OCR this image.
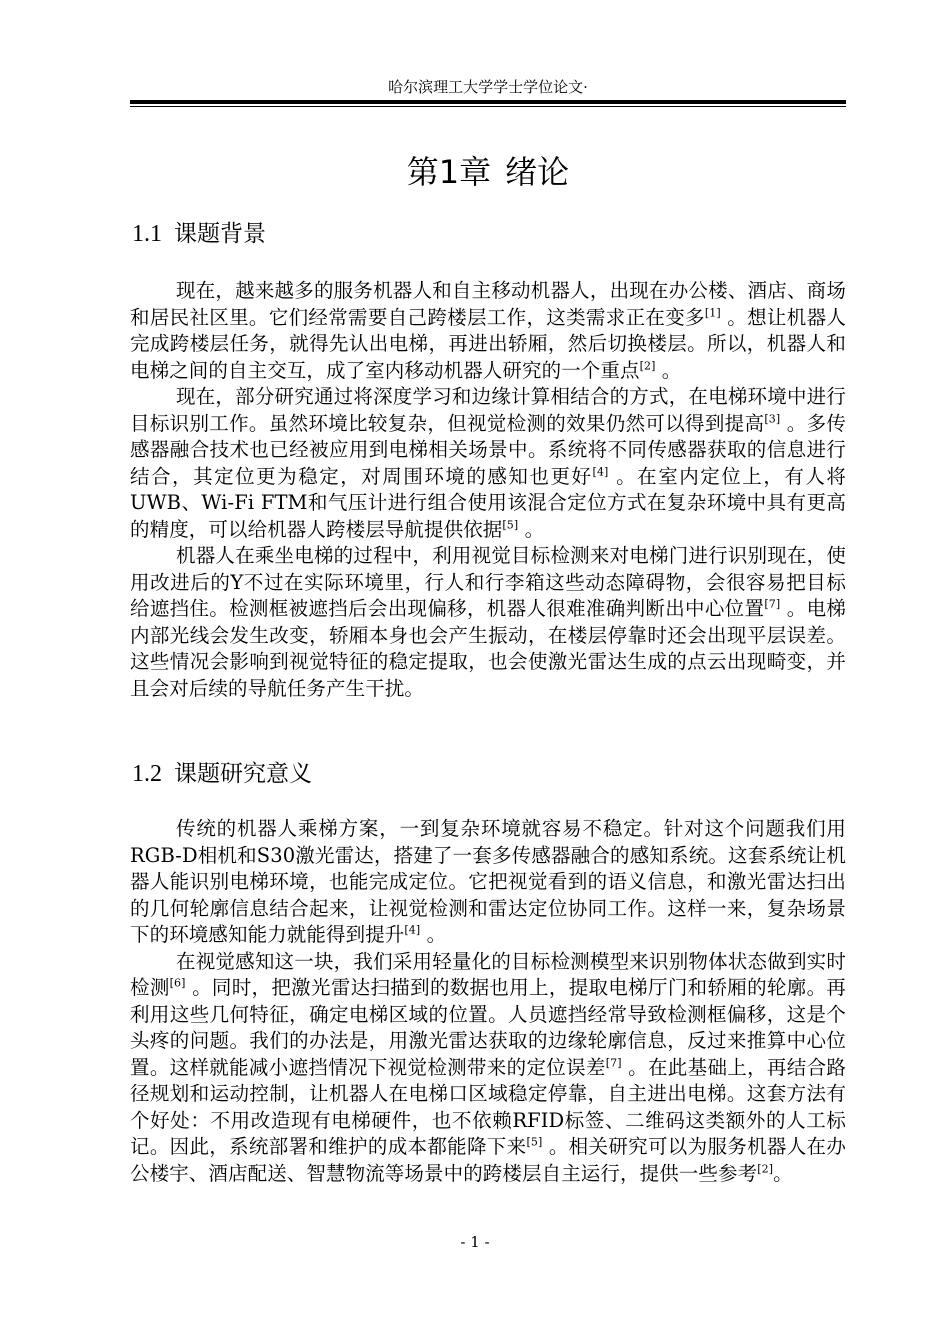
哈尔滨理工大学学士学位论文·
第1章 绪论
1.1 课题背景

现在，越来越多的服务机器人和自主移动机器人，出现在办公楼、酒店、商场和居民社区里。它们经常需要自己跨楼层工作，这类需求正在变多[1] 。想让机器人完成跨楼层任务，就得先认出电梯，再进出轿厢，然后切换楼层。所以，机器人和电梯之间的自主交互，成了室内移动机器人研究的一个重点[2] 。

现在，部分研究通过将深度学习和边缘计算相结合的方式，在电梯环境中进行目标识别工作。虽然环境比较复杂，但视觉检测的效果仍然可以得到提高[3] 。多传感器融合技术也已经被应用到电梯相关场景中。系统将不同传感器获取的信息进行结合，其定位更为稳定，对周围环境的感知也更好[4] 。在室内定位上，有人将UWB、Wi-Fi FTM和气压计进行组合使用该混合定位方式在复杂环境中具有更高的精度，可以给机器人跨楼层导航提供依据[5] 。

机器人在乘坐电梯的过程中，利用视觉目标检测来对电梯门进行识别现在，使用改进后的Y不过在实际环境里，行人和行李箱这些动态障碍物，会很容易把目标给遮挡住。检测框被遮挡后会出现偏移，机器人很难准确判断出中心位置[7] 。电梯内部光线会发生改变，轿厢本身也会产生振动，在楼层停靠时还会出现平层误差。这些情况会影响到视觉特征的稳定提取，也会使激光雷达生成的点云出现畸变，并且会对后续的导航任务产生干扰。

1.2 课题研究意义

传统的机器人乘梯方案，一到复杂环境就容易不稳定。针对这个问题我们用RGB-D相机和S30激光雷达，搭建了一套多传感器融合的感知系统。这套系统让机器人能识别电梯环境，也能完成定位。它把视觉看到的语义信息，和激光雷达扫出的几何轮廓信息结合起来，让视觉检测和雷达定位协同工作。这样一来，复杂场景下的环境感知能力就能得到提升[4] 。

在视觉感知这一块，我们采用轻量化的目标检测模型来识别物体状态做到实时检测[6] 。同时，把激光雷达扫描到的数据也用上，提取电梯厅门和轿厢的轮廓。再利用这些几何特征，确定电梯区域的位置。人员遮挡经常导致检测框偏移，这是个头疼的问题。我们的办法是，用激光雷达获取的边缘轮廓信息，反过来推算中心位置。这样就能减小遮挡情况下视觉检测带来的定位误差[7] 。在此基础上，再结合路径规划和运动控制，让机器人在电梯口区域稳定停靠，自主进出电梯。这套方法有个好处：不用改造现有电梯硬件，也不依赖RFID标签、二维码这类额外的人工标记。因此，系统部署和维护的成本都能降下来[5] 。相关研究可以为服务机器人在办公楼宇、酒店配送、智慧物流等场景中的跨楼层自主运行，提供一些参考[2]。

- 1 -
